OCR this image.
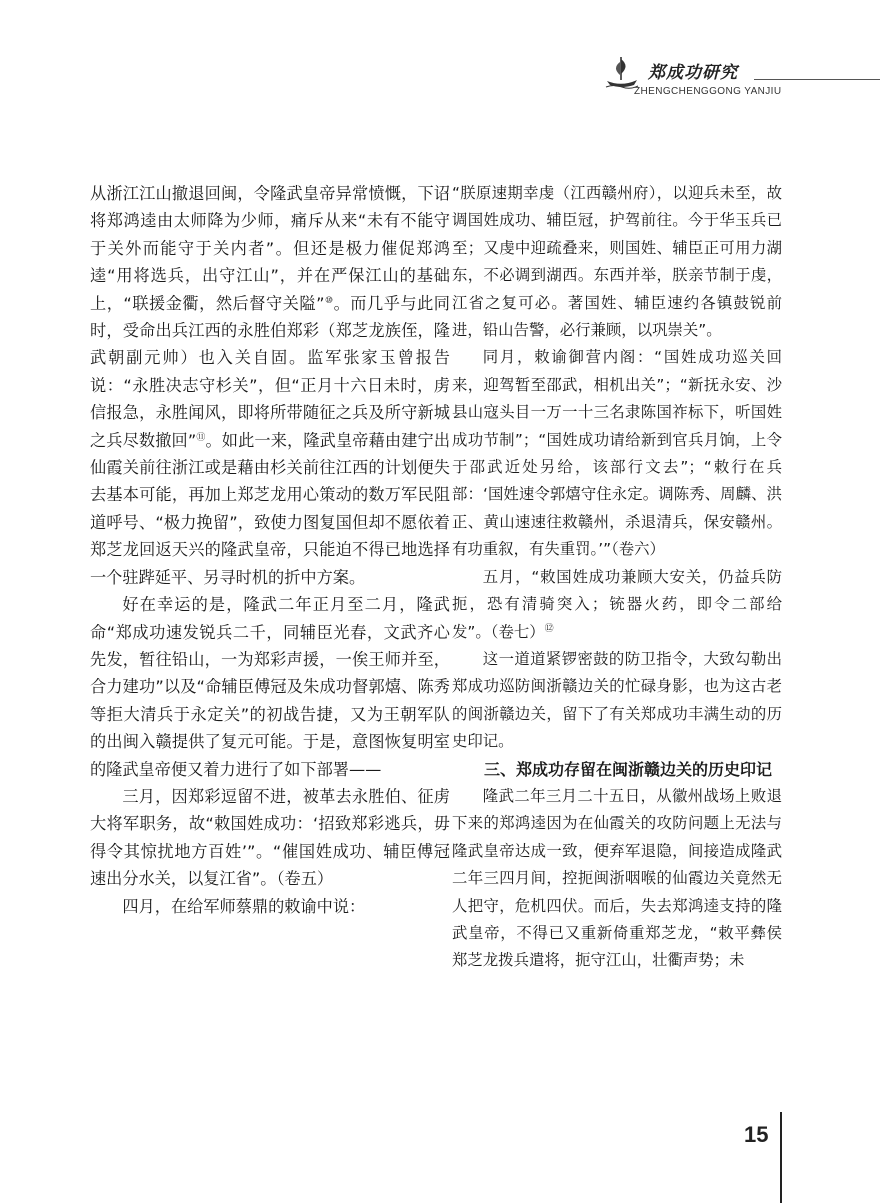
郑成功研究
ZHENGCHENGGONG YANJIU

从浙江江山撤退回闽，令隆武皇帝异常愤慨，下诏将郑鸿逵由太师降为少师，痛斥从来“未有不能守于关外而能守于关内者”。但还是极力催促郑鸿逵“用将选兵，出守江山”，并在严保江山的基础上，“联援金衢，然后督守关隘”⑩。而几乎与此同时，受命出兵江西的永胜伯郑彩（郑芝龙族侄，隆武朝副元帅）也入关自固。监军张家玉曾报告说：“永胜决志守杉关”，但“正月十六日未时，虏信报急，永胜闻风，即将所带随征之兵及所守新城之兵尽数撤回”⑪。如此一来，隆武皇帝藉由建宁出仙霞关前往浙江或是藉由杉关前往江西的计划便失去基本可能，再加上郑芝龙用心策动的数万军民阻道呼号、“极力挽留”，致使力图复国但却不愿依着郑芝龙回返天兴的隆武皇帝，只能迫不得已地选择一个驻跸延平、另寻时机的折中方案。

好在幸运的是，隆武二年正月至二月，隆武命“郑成功速发锐兵二千，同辅臣光春，文武齐心先发，暂往铅山，一为郑彩声援，一俟王师并至，合力建功”以及“命辅臣傅冠及朱成功督郭熺、陈秀等拒大清兵于永定关”的初战告捷，又为王朝军队的出闽入赣提供了复元可能。于是，意图恢复明室的隆武皇帝便又着力进行了如下部署——

三月，因郑彩逗留不进，被革去永胜伯、征虏大将军职务，故“敕国姓成功：‘招致郑彩逃兵，毋得令其惊扰地方百姓’”。“催国姓成功、辅臣傅冠速出分水关，以复江省”。（卷五）

四月，在给军师蔡鼎的敕谕中说：

“朕原速期幸虔（江西赣州府），以迎兵未至，故调国姓成功、辅臣冠，护驾前往。今于华玉兵已至；又虔中迎疏叠来，则国姓、辅臣正可用力湖东，不必调到湖西。东西并举，朕亲节制于虔，江省之复可必。著国姓、辅臣速约各镇鼓锐前进，铅山告警，必行兼顾，以巩崇关”。

同月，敕谕御营内阁：“国姓成功巡关回来，迎驾暂至邵武，相机出关”；“新抚永安、沙县山寇头目一万一十三名隶陈国祚标下，听国姓成功节制”；“国姓成功请给新到官兵月饷，上令于邵武近处另给，该部行文去”；“敕行在兵部：‘国姓速令郭熺守住永定。调陈秀、周麟、洪正、黄山速速往救赣州，杀退清兵，保安赣州。有功重叙，有失重罚。’”（卷六）

五月，“敕国姓成功兼顾大安关，仍益兵防扼，恐有清骑突入；铳器火药，即令二部给发”。（卷七）⑫

这一道道紧锣密鼓的防卫指令，大致勾勒出郑成功巡防闽浙赣边关的忙碌身影，也为这古老的闽浙赣边关，留下了有关郑成功丰满生动的历史印记。

三、郑成功存留在闽浙赣边关的历史印记

隆武二年三月二十五日，从徽州战场上败退下来的郑鸿逵因为在仙霞关的攻防问题上无法与隆武皇帝达成一致，便弃军退隐，间接造成隆武二年三四月间，控扼闽浙咽喉的仙霞边关竟然无人把守，危机四伏。而后，失去郑鸿逵支持的隆武皇帝，不得已又重新倚重郑芝龙，“敕平彝侯郑芝龙拨兵遣将，扼守江山，壮衢声势；未

15
